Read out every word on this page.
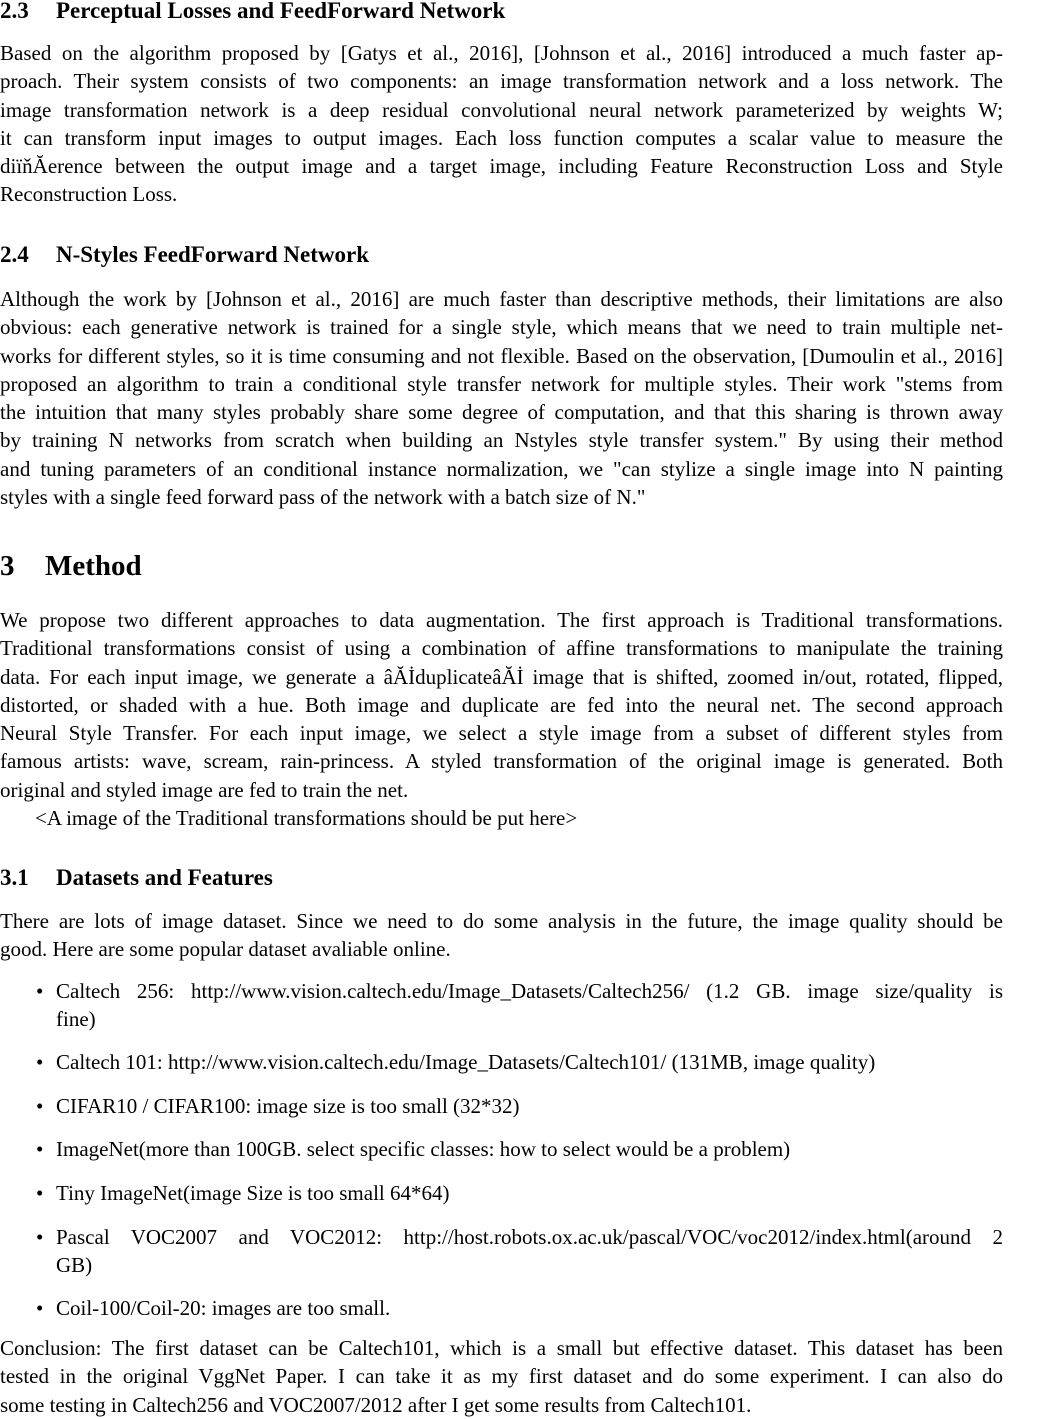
2.3 Perceptual Losses and FeedForward Network
Based on the algorithm proposed by [Gatys et al., 2016], [Johnson et al., 2016] introduced a much faster ap-
proach. Their system consists of two components: an image transformation network and a loss network. The
image transformation network is a deep residual convolutional neural network parameterized by weights W;
it can transform input images to output images. Each loss function computes a scalar value to measure the
diïňĂerence between the output image and a target image, including Feature Reconstruction Loss and Style
Reconstruction Loss.
2.4 N-Styles FeedForward Network
Although the work by [Johnson et al., 2016] are much faster than descriptive methods, their limitations are also
obvious: each generative network is trained for a single style, which means that we need to train multiple net-
works for different styles, so it is time consuming and not flexible. Based on the observation, [Dumoulin et al., 2016]
proposed an algorithm to train a conditional style transfer network for multiple styles. Their work "stems from
the intuition that many styles probably share some degree of computation, and that this sharing is thrown away
by training N networks from scratch when building an Nstyles style transfer system." By using their method
and tuning parameters of an conditional instance normalization, we "can stylize a single image into N painting
styles with a single feed forward pass of the network with a batch size of N."
3 Method
We propose two different approaches to data augmentation. The first approach is Traditional transformations.
Traditional transformations consist of using a combination of affine transformations to manipulate the training
data. For each input image, we generate a âĂİduplicateâĂİ image that is shifted, zoomed in/out, rotated, flipped,
distorted, or shaded with a hue. Both image and duplicate are fed into the neural net. The second approach
Neural Style Transfer. For each input image, we select a style image from a subset of different styles from
famous artists: wave, scream, rain-princess. A styled transformation of the original image is generated. Both
original and styled image are fed to train the net.

<A image of the Traditional transformations should be put here>

3.1 Datasets and Features
There are lots of image dataset. Since we need to do some analysis in the future, the image quality should be
good. Here are some popular dataset avaliable online.
• Caltech 256: http://www.vision.caltech.edu/Image_Datasets/Caltech256/ (1.2 GB. image size/quality is
fine)
• Caltech 101: http://www.vision.caltech.edu/Image_Datasets/Caltech101/ (131MB, image quality)
• CIFAR10 / CIFAR100: image size is too small (32*32)
• ImageNet(more than 100GB. select specific classes: how to select would be a problem)
• Tiny ImageNet(image Size is too small 64*64)
• Pascal VOC2007 and VOC2012: http://host.robots.ox.ac.uk/pascal/VOC/voc2012/index.html(around 2
GB)
• Coil-100/Coil-20: images are too small.
Conclusion: The first dataset can be Caltech101, which is a small but effective dataset. This dataset has been
tested in the original VggNet Paper. I can take it as my first dataset and do some experiment. I can also do
some testing in Caltech256 and VOC2007/2012 after I get some results from Caltech101.
